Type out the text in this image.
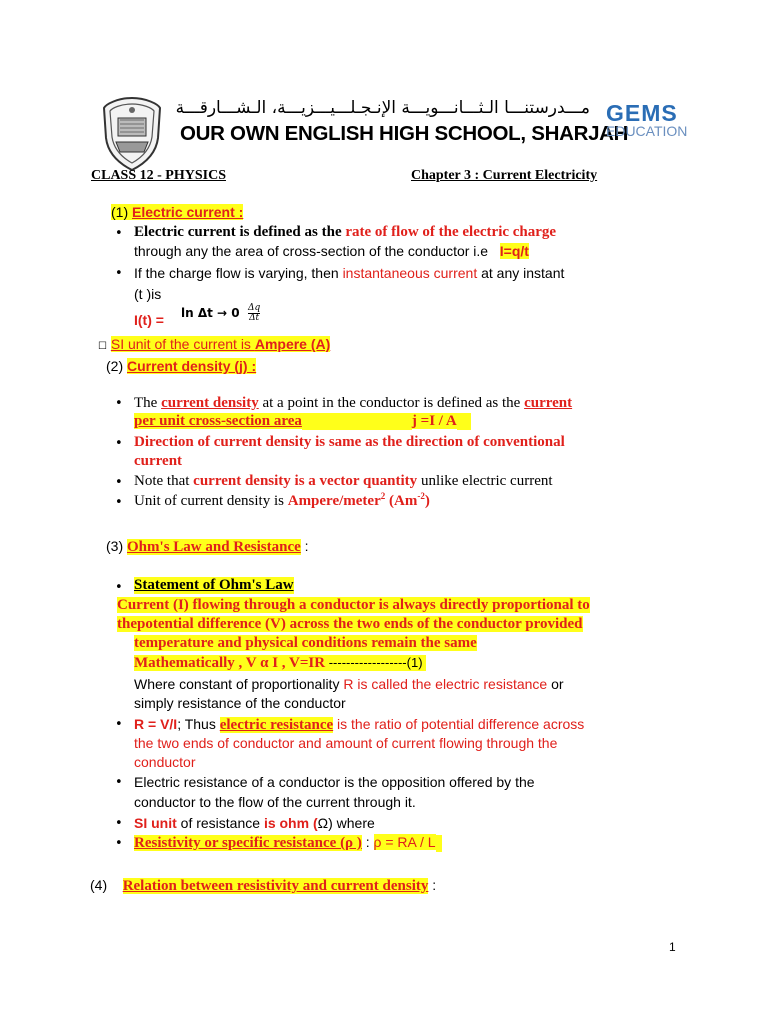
مـــدرستنـــا الـثـــانـــويـــة الإنـجـلـــيـــزيـــة، الـشـــارقـــة
OUR OWN ENGLISH HIGH SCHOOL, SHARJAH
GEMS
EDUCATION
CLASS 12 - PHYSICS	Chapter 3 : Current Electricity
(1) Electric current :
• Electric current is defined as the rate of flow of the electric charge
through any the area of cross-section of the conductor i.e I=q/t
• If the charge flow is varying, then instantaneous current at any instant
(t )is
$I(t) = \ln \Delta t \to 0 \frac{\Delta q}{\Delta t}$
☐ SI unit of the current is Ampere (A)
(2) Current density (j) :
• The current density at a point in the conductor is defined as the current
per unit cross-section area	j =I / A
• Direction of current density is same as the direction of conventional
current
• Note that current density is a vector quantity unlike electric current
• Unit of current density is Ampere/meter$^2$ $(Am^{-2})$
(3) Ohm's Law and Resistance :
• Statement of Ohm's Law
Current (I) flowing through a conductor is always directly proportional to
thepotential difference (V) across the two ends of the conductor provided
temperature and physical conditions remain the same
Mathematically , V α I , V=IR ------------------(1)
Where constant of proportionality R is called the electric resistance or
simply resistance of the conductor
• R = V/I; Thus electric resistance is the ratio of potential difference across
the two ends of conductor and amount of current flowing through the
conductor
• Electric resistance of a conductor is the opposition offered by the
conductor to the flow of the current through it.
• SI unit of resistance is ohm (Ω) where
• Resistivity or specific resistance (ρ ) : ρ = RA / L
(4) Relation between resistivity and current density :
1
